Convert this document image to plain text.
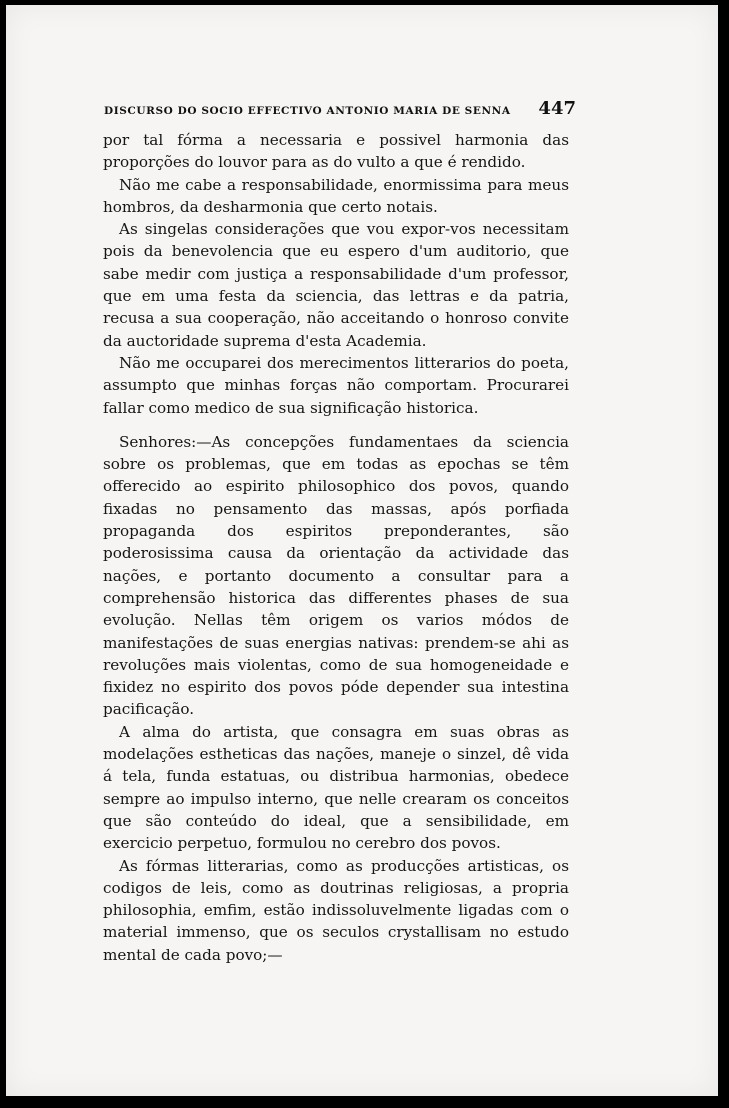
DISCURSO DO SOCIO EFFECTIVO ANTONIO MARIA DE SENNA 447

por tal fórma a necessaria e possivel harmonia das proporções do louvor para as do vulto a que é rendido.

Não me cabe a responsabilidade, enormissima para meus hombros, da desharmonia que certo notais.

As singelas considerações que vou expor-vos necessitam pois da benevolencia que eu espero d'um auditorio, que sabe medir com justiça a responsabilidade d'um professor, que em uma festa da sciencia, das lettras e da patria, recusa a sua cooperação, não acceitando o honroso convite da auctoridade suprema d'esta Academia.

Não me occuparei dos merecimentos litterarios do poeta, assumpto que minhas forças não comportam. Procurarei fallar como medico de sua significação historica.

Senhores:—As concepções fundamentaes da sciencia sobre os problemas, que em todas as epochas se têm offerecido ao espirito philosophico dos povos, quando fixadas no pensamento das massas, após porfiada propaganda dos espiritos preponderantes, são poderosissima causa da orientação da actividade das nações, e portanto documento a consultar para a comprehensão historica das differentes phases de sua evolução. Nellas têm origem os varios módos de manifestações de suas energias nativas: prendem-se ahi as revoluções mais violentas, como de sua homogeneidade e fixidez no espirito dos povos póde depender sua intestina pacificação.

A alma do artista, que consagra em suas obras as modelações estheticas das nações, maneje o sinzel, dê vida á tela, funda estatuas, ou distribua harmonias, obedece sempre ao impulso interno, que nelle crearam os conceitos que são conteúdo do ideal, que a sensibilidade, em exercicio perpetuo, formulou no cerebro dos povos.

As fórmas litterarias, como as producções artisticas, os codigos de leis, como as doutrinas religiosas, a propria philosophia, emfim, estão indissoluvelmente ligadas com o material immenso, que os seculos crystallisam no estudo mental de cada povo;—
